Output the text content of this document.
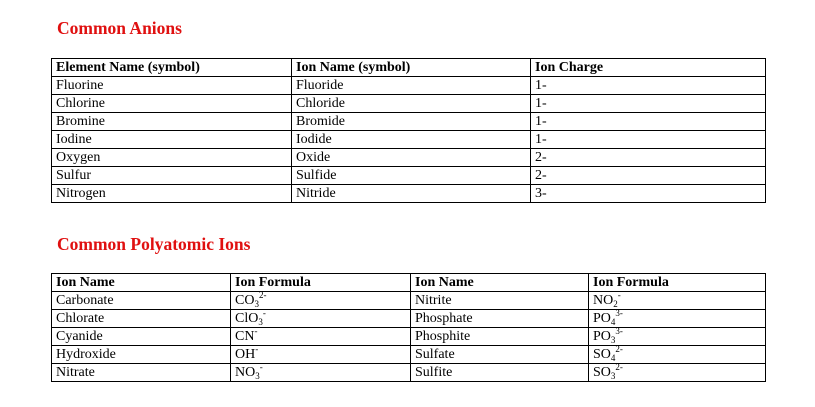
Common Anions
Element Name (symbol)	Ion Name (symbol)	Ion Charge
Fluorine	Fluoride	1-
Chlorine	Chloride	1-
Bromine	Bromide	1-
Iodine	Iodide	1-
Oxygen	Oxide	2-
Sulfur	Sulfide	2-
Nitrogen	Nitride	3-
Common Polyatomic Ions
Ion Name	Ion Formula	Ion Name	Ion Formula
Carbonate	$CO_3^{2-}$	Nitrite	$NO_2^-$
Chlorate	ClO$_3$-	Phosphate	$PO_4^{3-}$
Cyanide	CN-	Phosphite	$PO_3^{3-}$
Hydroxide	OH-	Sulfate	$SO_4^{2-}$
Nitrate	$NO_3^-$	Sulfite	$SO_3^{2-}$
